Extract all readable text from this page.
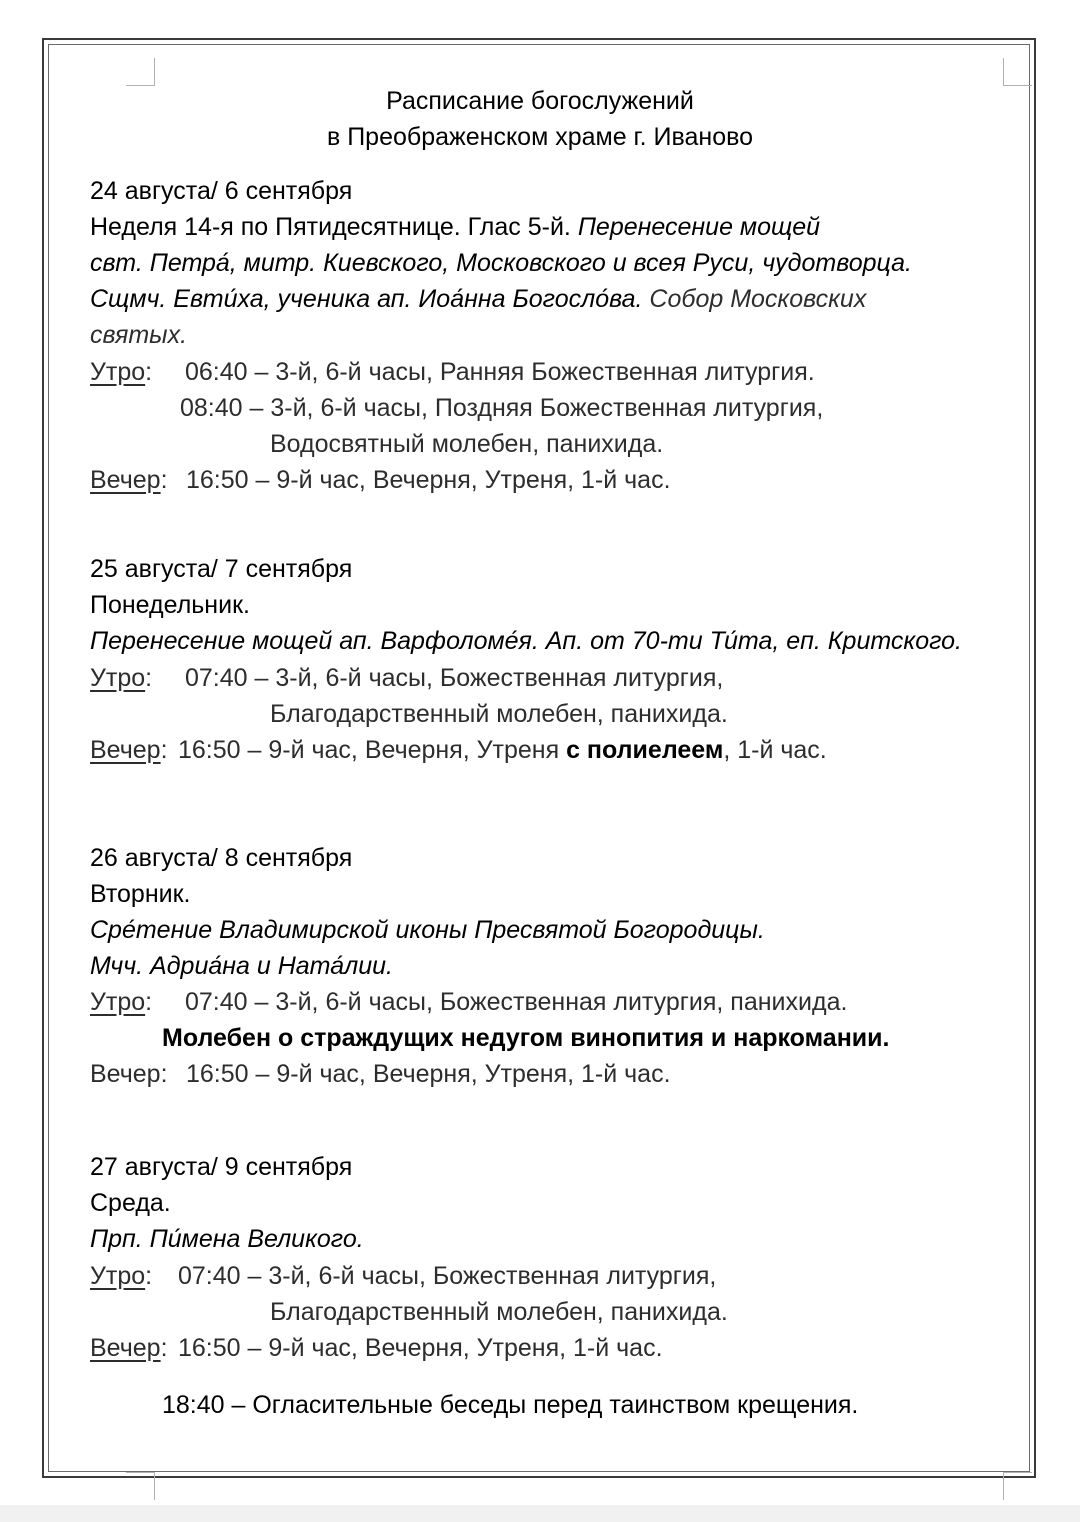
Расписание богослужений
в Преображенском храме г. Иваново
24 августа/ 6 сентября
Неделя 14-я по Пятидесятнице. Глас 5-й. Перенесение мощей
свт. Петра́, митр. Киевского, Московского и всея Руси, чудотворца.
Сщмч. Евти́ха, ученика ап. Иоа́нна Богосло́ва. Собор Московских
святых.
Утро: 06:40 – 3-й, 6-й часы, Ранняя Божественная литургия.
08:40 – 3-й, 6-й часы, Поздняя Божественная литургия,
Водосвятный молебен, панихида.
Вечер: 16:50 – 9-й час, Вечерня, Утреня, 1-й час.
25 августа/ 7 сентября
Понедельник.
Перенесение мощей ап. Варфоломе́я. Ап. от 70-ти Ти́та, еп. Критского.
Утро: 07:40 – 3-й, 6-й часы, Божественная литургия,
Благодарственный молебен, панихида.
Вечер: 16:50 – 9-й час, Вечерня, Утреня с полиелеем, 1-й час.
26 августа/ 8 сентября
Вторник.
Сре́тение Владимирской иконы Пресвятой Богородицы.
Мчч. Адриа́на и Ната́лии.
Утро: 07:40 – 3-й, 6-й часы, Божественная литургия, панихида.
Молебен о страждущих недугом винопития и наркомании.
Вечер: 16:50 – 9-й час, Вечерня, Утреня, 1-й час.
27 августа/ 9 сентября
Среда.
Прп. Пи́мена Великого.
Утро: 07:40 – 3-й, 6-й часы, Божественная литургия,
Благодарственный молебен, панихида.
Вечер: 16:50 – 9-й час, Вечерня, Утреня, 1-й час.
18:40 – Огласительные беседы перед таинством крещения.
